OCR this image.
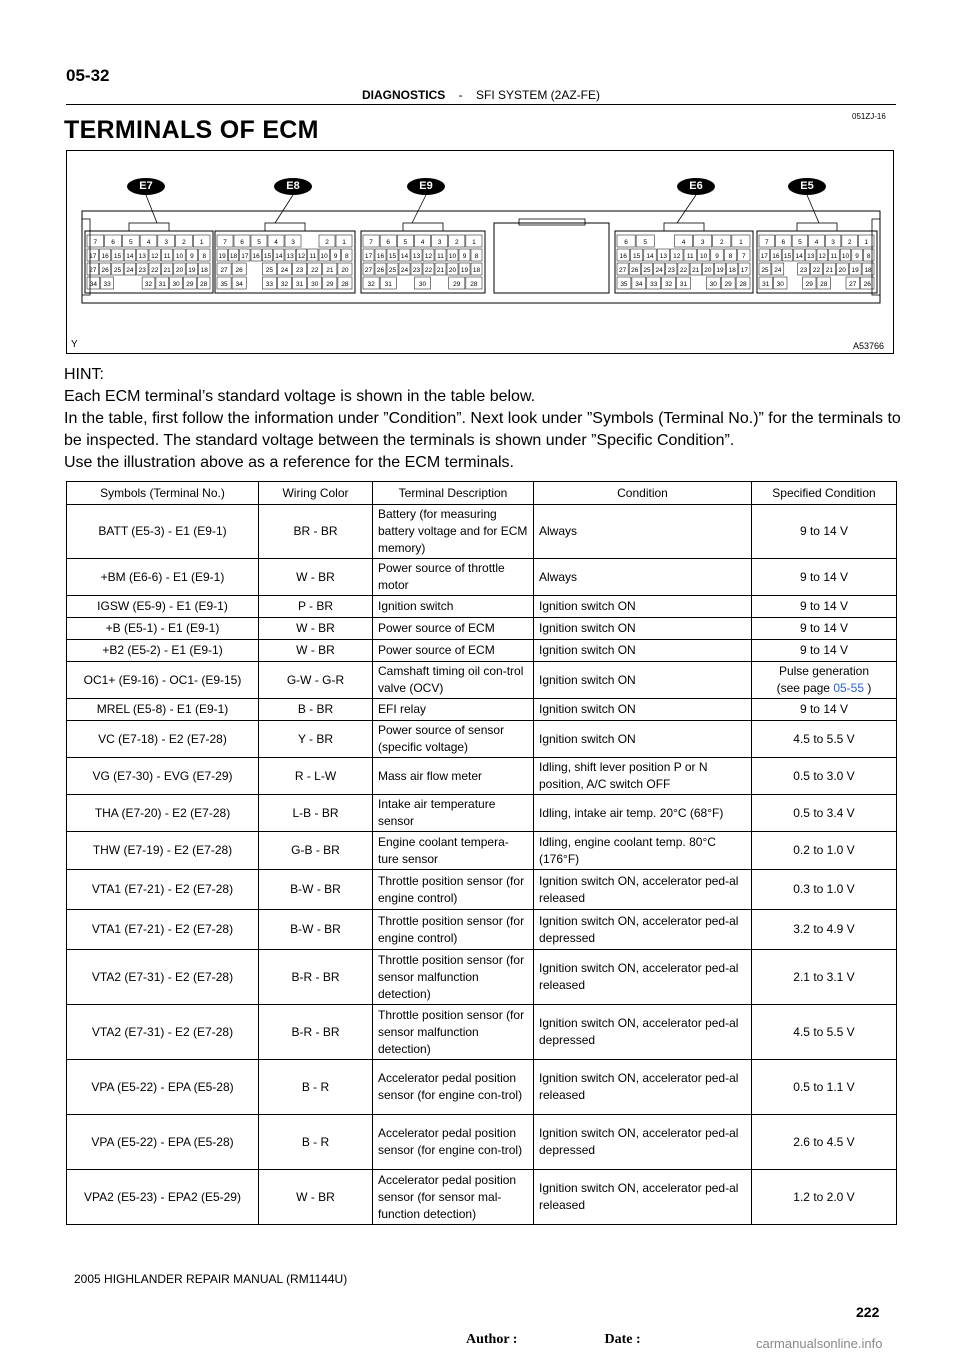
05-32
DIAGNOSTICS - SFI SYSTEM (2AZ-FE)
051ZJ-16
TERMINALS OF ECM
E7	E8	E9	E6	E5
7 6 5 4 3 2 1
17 16 15 14 13 12 11 10 9 8
27 26 25 24 23 22 21 20 19 18
34 33	32 31 30 29 28
7 6 5 4 3	2 1
19 18 17 16 15 14 13 12 11 10 9 8
27 26	25 24 23 22 21 20
35 34	33 32 31 30 29 28
7 6 5 4 3 2 1
17 16 15 14 13 12 11 10 9 8
27 26 25 24 23 22 21 20 19 18
32 31	30	29 28
6 5	4 3 2 1
16 15 14 13 12 11 10 9 8 7
27 26 25 24 23 22 21 20 19 18 17
35 34 33 32 31	30 29 28
7 6 5 4 3 2 1
17 16 15 14 13 12 11 10 9 8
25 24	23 22 21 20 19 18
31 30	29 28	27 26
Y	A53766

HINT:

Each ECM terminal’s standard voltage is shown in the table below.

In the table, first follow the information under ”Condition”. Next look under ”Symbols (Terminal No.)” for the terminals to be inspected. The standard voltage between the terminals is shown under ”Specific Condition”.

Use the illustration above as a reference for the ECM terminals.

Symbols (Terminal No.)	Wiring Color	Terminal Description	Condition	Specified Condition
BATT (E5-3) - E1 (E9-1)	BR - BR	Battery (for measuring battery voltage and for ECM memory)	Always	9 to 14 V
+BM (E6-6) - E1 (E9-1)	W - BR	Power source of throttle motor	Always	9 to 14 V
IGSW (E5-9) - E1 (E9-1)	P - BR	Ignition switch	Ignition switch ON	9 to 14 V
+B (E5-1) - E1 (E9-1)	W - BR	Power source of ECM	Ignition switch ON	9 to 14 V
+B2 (E5-2) - E1 (E9-1)	W - BR	Power source of ECM	Ignition switch ON	9 to 14 V
OC1+ (E9-16) - OC1- (E9-15)	G-W - G-R	Camshaft timing oil con-trol valve (OCV)	Ignition switch ON	Pulse generation
(see page 05-55 )
MREL (E5-8) - E1 (E9-1)	B - BR	EFI relay	Ignition switch ON	9 to 14 V
VC (E7-18) - E2 (E7-28)	Y - BR	Power source of sensor (specific voltage)	Ignition switch ON	4.5 to 5.5 V
VG (E7-30) - EVG (E7-29)	R - L-W	Mass air flow meter	Idling, shift lever position P or N position, A/C switch OFF	0.5 to 3.0 V
THA (E7-20) - E2 (E7-28)	L-B - BR	Intake air temperature sensor	Idling, intake air temp. 20°C (68°F)	0.5 to 3.4 V
THW (E7-19) - E2 (E7-28)	G-B - BR	Engine coolant tempera-ture sensor	Idling, engine coolant temp. 80°C (176°F)	0.2 to 1.0 V
VTA1 (E7-21) - E2 (E7-28)	B-W - BR	Throttle position sensor (for engine control)	Ignition switch ON, accelerator ped-al released	0.3 to 1.0 V
VTA1 (E7-21) - E2 (E7-28)	B-W - BR	Throttle position sensor (for engine control)	Ignition switch ON, accelerator ped-al depressed	3.2 to 4.9 V
VTA2 (E7-31) - E2 (E7-28)	B-R - BR	Throttle position sensor (for sensor malfunction detection)	Ignition switch ON, accelerator ped-al released	2.1 to 3.1 V
VTA2 (E7-31) - E2 (E7-28)	B-R - BR	Throttle position sensor (for sensor malfunction detection)	Ignition switch ON, accelerator ped-al depressed	4.5 to 5.5 V
VPA (E5-22) - EPA (E5-28)	B - R	Accelerator pedal position sensor (for engine con-trol)	Ignition switch ON, accelerator ped-al released	0.5 to 1.1 V
VPA (E5-22) - EPA (E5-28)	B - R	Accelerator pedal position sensor (for engine con-trol)	Ignition switch ON, accelerator ped-al depressed	2.6 to 4.5 V
VPA2 (E5-23) - EPA2 (E5-29)	W - BR	Accelerator pedal position sensor (for sensor mal-function detection)	Ignition switch ON, accelerator ped-al released	1.2 to 2.0 V
2005 HIGHLANDER REPAIR MANUAL (RM1144U)
222
Author :	Date :	carmanualsonline.info
